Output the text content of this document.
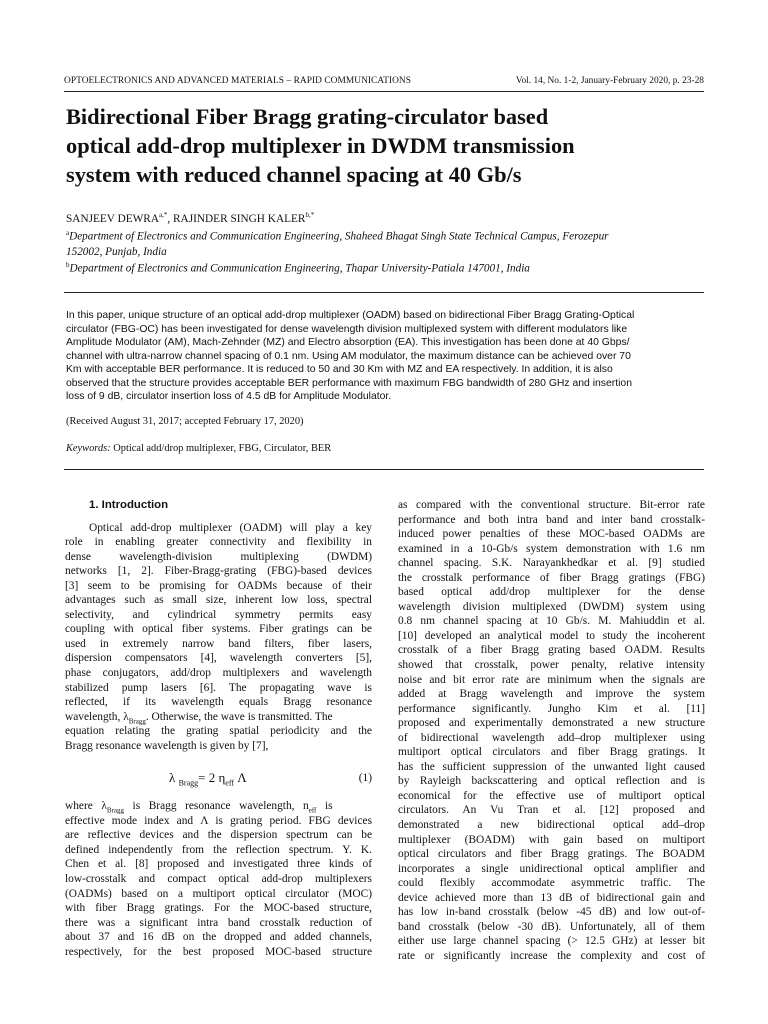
OPTOELECTRONICS AND ADVANCED MATERIALS – RAPID COMMUNICATIONS	Vol. 14, No. 1-2, January-February 2020, p. 23-28
Bidirectional Fiber Bragg grating-circulator based
optical add-drop multiplexer in DWDM transmission
system with reduced channel spacing at 40 Gb/s
SANJEEV $DEWRA^{a,*}$, RAJINDER SINGH $KALER^{b,*}$
$^a$Department of Electronics and Communication Engineering, Shaheed Bhagat Singh State Technical Campus, Ferozepur
152002, Punjab, India
$^b$Department of Electronics and Communication Engineering, Thapar University-Patiala 147001, India
In this paper, unique structure of an optical add-drop multiplexer (OADM) based on bidirectional Fiber Bragg Grating-Optical
circulator (FBG-OC) has been investigated for dense wavelength division multiplexed system with different modulators like
Amplitude Modulator (AM), Mach-Zehnder (MZ) and Electro absorption (EA). This investigation has been done at 40 Gbps/
channel with ultra-narrow channel spacing of 0.1 nm. Using AM modulator, the maximum distance can be achieved over 70
Km with acceptable BER performance. It is reduced to 50 and 30 Km with MZ and EA respectively. In addition, it is also
observed that the structure provides acceptable BER performance with maximum FBG bandwidth of 280 GHz and insertion
loss of 9 dB, circulator insertion loss of 4.5 dB for Amplitude Modulator.
(Received August 31, 2017; accepted February 17, 2020)
Keywords: Optical add/drop multiplexer, FBG, Circulator, BER
1. Introduction
Optical add-drop multiplexer (OADM) will play a key
role in enabling greater connectivity and flexibility in
dense wavelength-division multiplexing (DWDM)
networks [1, 2]. Fiber-Bragg-grating (FBG)-based devices
[3] seem to be promising for OADMs because of their
advantages such as small size, inherent low loss, spectral
selectivity, and cylindrical symmetry permits easy
coupling with optical fiber systems. Fiber gratings can be
used in extremely narrow band filters, fiber lasers,
dispersion compensators [4], wavelength converters [5],
phase conjugators, add/drop multiplexers and wavelength
stabilized pump lasers [6]. The propagating wave is
reflected, if its wavelength equals Bragg resonance
wavelength, $\lambda_{Bragg}$. Otherwise, the wave is transmitted. The
equation relating the grating spatial periodicity and the
Bragg resonance wavelength is given by [7],
λ $_{Bragg}$= 2 $\eta_{eff}$ Λ	(1)
where   $\lambda_{Bragg}$   is   Bragg   resonance   wavelength,   $n_{eff}$   is
effective mode index and Λ is grating period. FBG devices
are reflective devices and the dispersion spectrum can be
defined independently from the reflection spectrum. Y. K.
Chen et al. [8] proposed and investigated three kinds of
low-crosstalk and compact optical add-drop multiplexers
(OADMs) based on a multiport optical circulator (MOC)
with fiber Bragg gratings. For the MOC-based structure,
there was a significant intra band crosstalk reduction of
about 37 and 16 dB on the dropped and added channels,
respectively, for the best proposed MOC-based structure
as compared with the conventional structure. Bit-error rate
performance and both intra band and inter band crosstalk-
induced power penalties of these MOC-based OADMs are
examined in a 10-Gb/s system demonstration with 1.6 nm
channel spacing. S.K. Narayankhedkar et al. [9] studied
the crosstalk performance of fiber Bragg gratings (FBG)
based optical add/drop multiplexer for the dense
wavelength division multiplexed (DWDM) system using
0.8 nm channel spacing at 10 Gb/s. M. Mahiuddin et al.
[10] developed an analytical model to study the incoherent
crosstalk of a fiber Bragg grating based OADM. Results
showed that crosstalk, power penalty, relative intensity
noise and bit error rate are minimum when the signals are
added at Bragg wavelength and improve the system
performance significantly. Jungho Kim et al. [11]
proposed and experimentally demonstrated a new structure
of bidirectional wavelength add–drop multiplexer using
multiport optical circulators and fiber Bragg gratings. It
has the sufficient suppression of the unwanted light caused
by Rayleigh backscattering and optical reflection and is
economical for the effective use of multiport optical
circulators. An Vu Tran et al. [12] proposed and
demonstrated a new bidirectional optical add–drop
multiplexer (BOADM) with gain based on multiport
optical circulators and fiber Bragg gratings. The BOADM
incorporates a single unidirectional optical amplifier and
could flexibly accommodate asymmetric traffic. The
device achieved more than 13 dB of bidirectional gain and
has low in-band crosstalk (below -45 dB) and low out-of-
band crosstalk (below -30 dB). Unfortunately, all of them
either use large channel spacing (> 12.5 GHz) at lesser bit
rate or significantly increase the complexity and cost of
